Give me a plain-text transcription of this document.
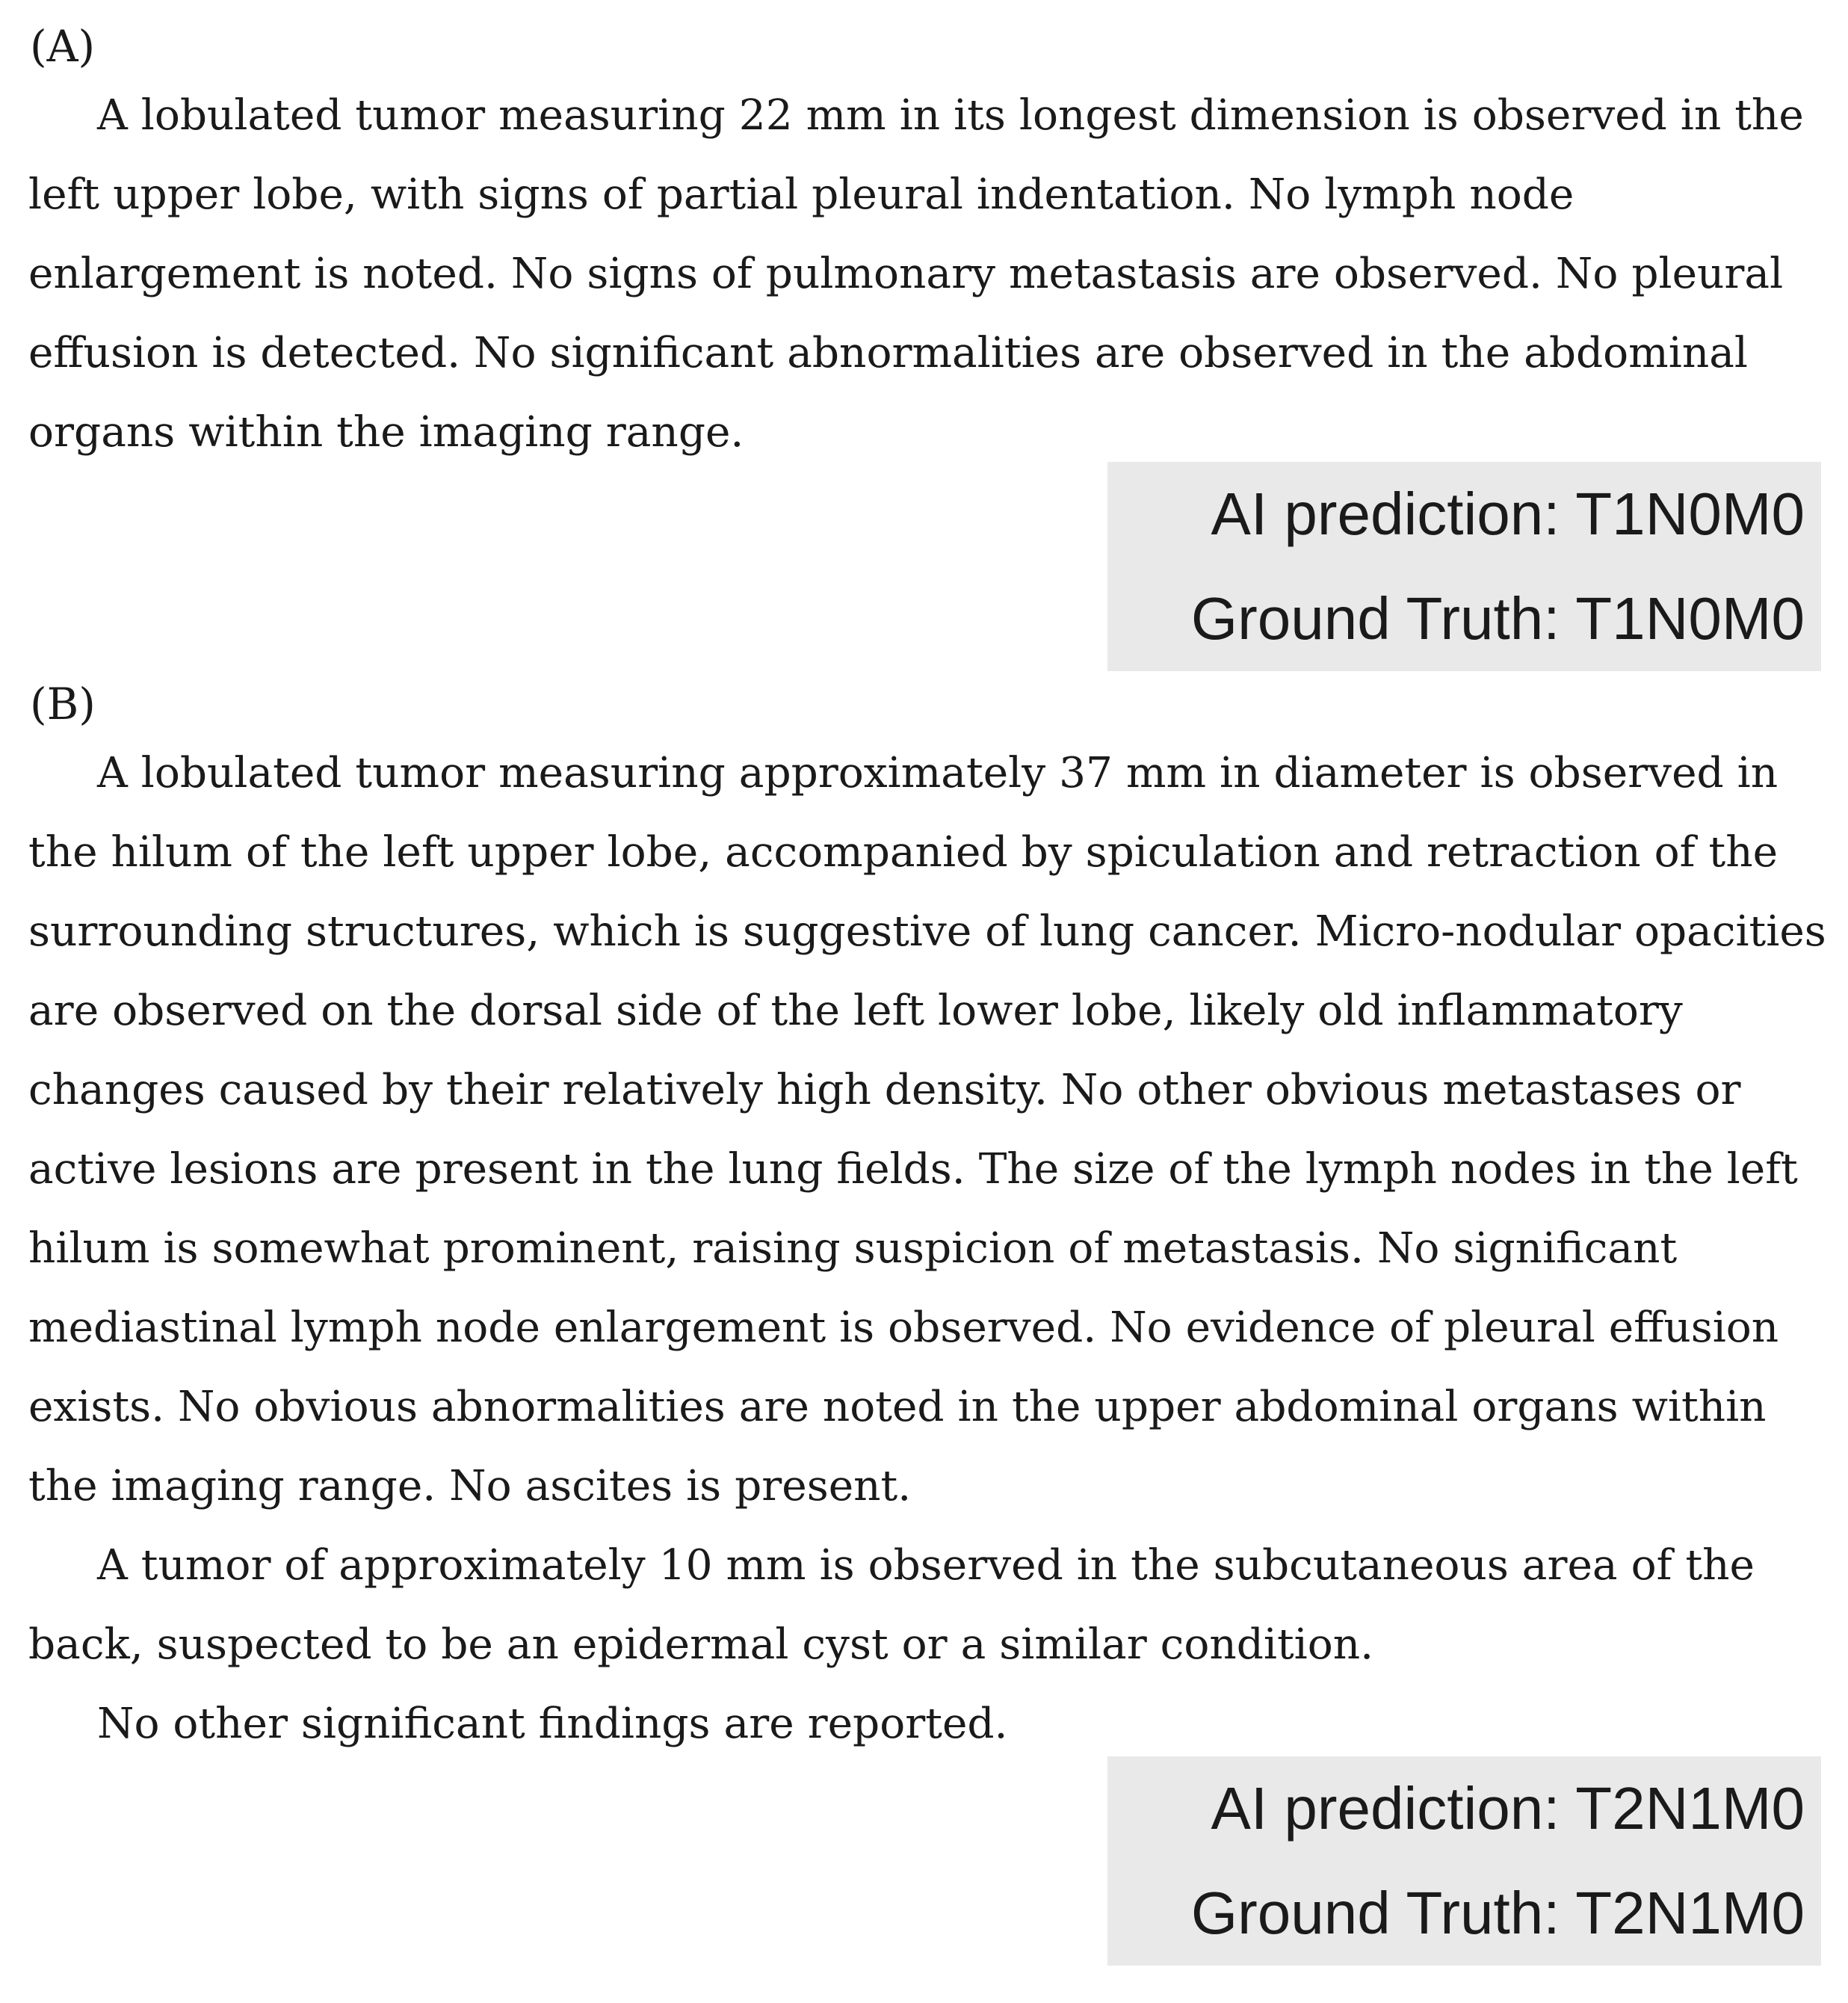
(A)

A lobulated tumor measuring 22 mm in its longest dimension is observed in the left upper lobe, with signs of partial pleural indentation. No lymph node enlargement is noted. No signs of pulmonary metastasis are observed. No pleural effusion is detected. No significant abnormalities are observed in the abdominal organs within the imaging range.

AI prediction: T1N0M0
Ground Truth: T1N0M0

(B)

A lobulated tumor measuring approximately 37 mm in diameter is observed in the hilum of the left upper lobe, accompanied by spiculation and retraction of the surrounding structures, which is suggestive of lung cancer. Micro-nodular opacities are observed on the dorsal side of the left lower lobe, likely old inflammatory changes caused by their relatively high density. No other obvious metastases or active lesions are present in the lung fields. The size of the lymph nodes in the left hilum is somewhat prominent, raising suspicion of metastasis. No significant mediastinal lymph node enlargement is observed. No evidence of pleural effusion exists. No obvious abnormalities are noted in the upper abdominal organs within the imaging range. No ascites is present.

A tumor of approximately 10 mm is observed in the subcutaneous area of the back, suspected to be an epidermal cyst or a similar condition.

No other significant findings are reported.

AI prediction: T2N1M0
Ground Truth: T2N1M0
